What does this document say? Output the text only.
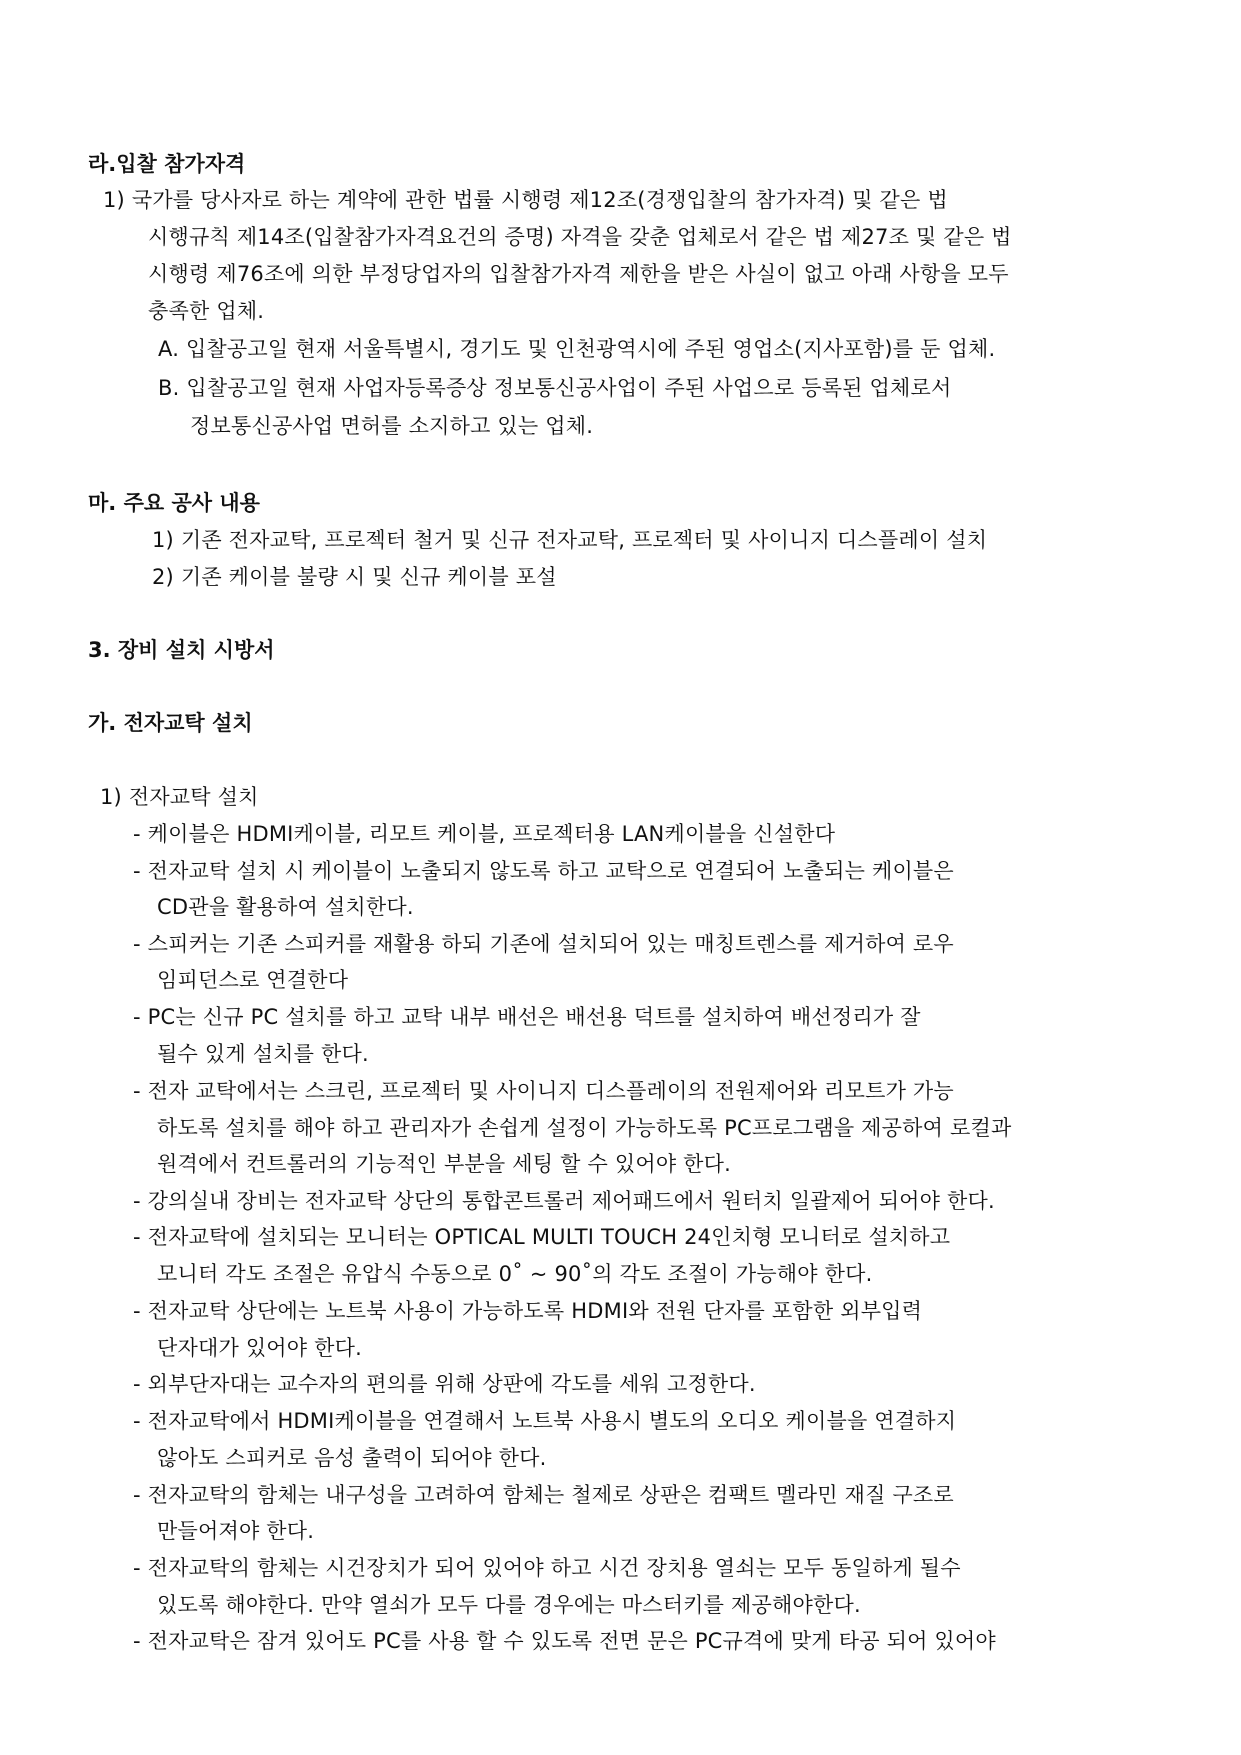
라.입찰 참가자격
1) 국가를 당사자로 하는 계약에 관한 법률 시행령 제12조(경쟁입찰의 참가자격) 및 같은 법
시행규칙 제14조(입찰참가자격요건의 증명) 자격을 갖춘 업체로서 같은 법 제27조 및 같은 법
시행령 제76조에 의한 부정당업자의 입찰참가자격 제한을 받은 사실이 없고 아래 사항을 모두
충족한 업체.
A. 입찰공고일 현재 서울특별시, 경기도 및 인천광역시에 주된 영업소(지사포함)를 둔 업체.
B. 입찰공고일 현재 사업자등록증상 정보통신공사업이 주된 사업으로 등록된 업체로서
정보통신공사업 면허를 소지하고 있는 업체.
마. 주요 공사 내용
1) 기존 전자교탁, 프로젝터 철거 및 신규 전자교탁, 프로젝터 및 사이니지 디스플레이 설치
2) 기존 케이블 불량 시 및 신규 케이블 포설
3. 장비 설치 시방서
가. 전자교탁 설치
1) 전자교탁 설치
- 케이블은 HDMI케이블, 리모트 케이블, 프로젝터용 LAN케이블을 신설한다
- 전자교탁 설치 시 케이블이 노출되지 않도록 하고 교탁으로 연결되어 노출되는 케이블은
CD관을 활용하여 설치한다.
- 스피커는 기존 스피커를 재활용 하되 기존에 설치되어 있는 매칭트렌스를 제거하여 로우
임피던스로 연결한다
- PC는 신규 PC 설치를 하고 교탁 내부 배선은 배선용 덕트를 설치하여 배선정리가 잘
될수 있게 설치를 한다.
- 전자 교탁에서는 스크린, 프로젝터 및 사이니지 디스플레이의 전원제어와 리모트가 가능
하도록 설치를 해야 하고 관리자가 손쉽게 설정이 가능하도록 PC프로그램을 제공하여 로컬과
원격에서 컨트롤러의 기능적인 부분을 세팅 할 수 있어야 한다.
- 강의실내 장비는 전자교탁 상단의 통합콘트롤러 제어패드에서 원터치 일괄제어 되어야 한다.
- 전자교탁에 설치되는 모니터는 OPTICAL MULTI TOUCH 24인치형 모니터로 설치하고
모니터 각도 조절은 유압식 수동으로 0˚ ~ 90˚의 각도 조절이 가능해야 한다.
- 전자교탁 상단에는 노트북 사용이 가능하도록 HDMI와 전원 단자를 포함한 외부입력
단자대가 있어야 한다.
- 외부단자대는 교수자의 편의를 위해 상판에 각도를 세워 고정한다.
- 전자교탁에서 HDMI케이블을 연결해서 노트북 사용시 별도의 오디오 케이블을 연결하지
않아도 스피커로 음성 출력이 되어야 한다.
- 전자교탁의 함체는 내구성을 고려하여 함체는 철제로 상판은 컴팩트 멜라민 재질 구조로
만들어져야 한다.
- 전자교탁의 함체는 시건장치가 되어 있어야 하고 시건 장치용 열쇠는 모두 동일하게 될수
있도록 해야한다. 만약 열쇠가 모두 다를 경우에는 마스터키를 제공해야한다.
- 전자교탁은 잠겨 있어도 PC를 사용 할 수 있도록 전면 문은 PC규격에 맞게 타공 되어 있어야
